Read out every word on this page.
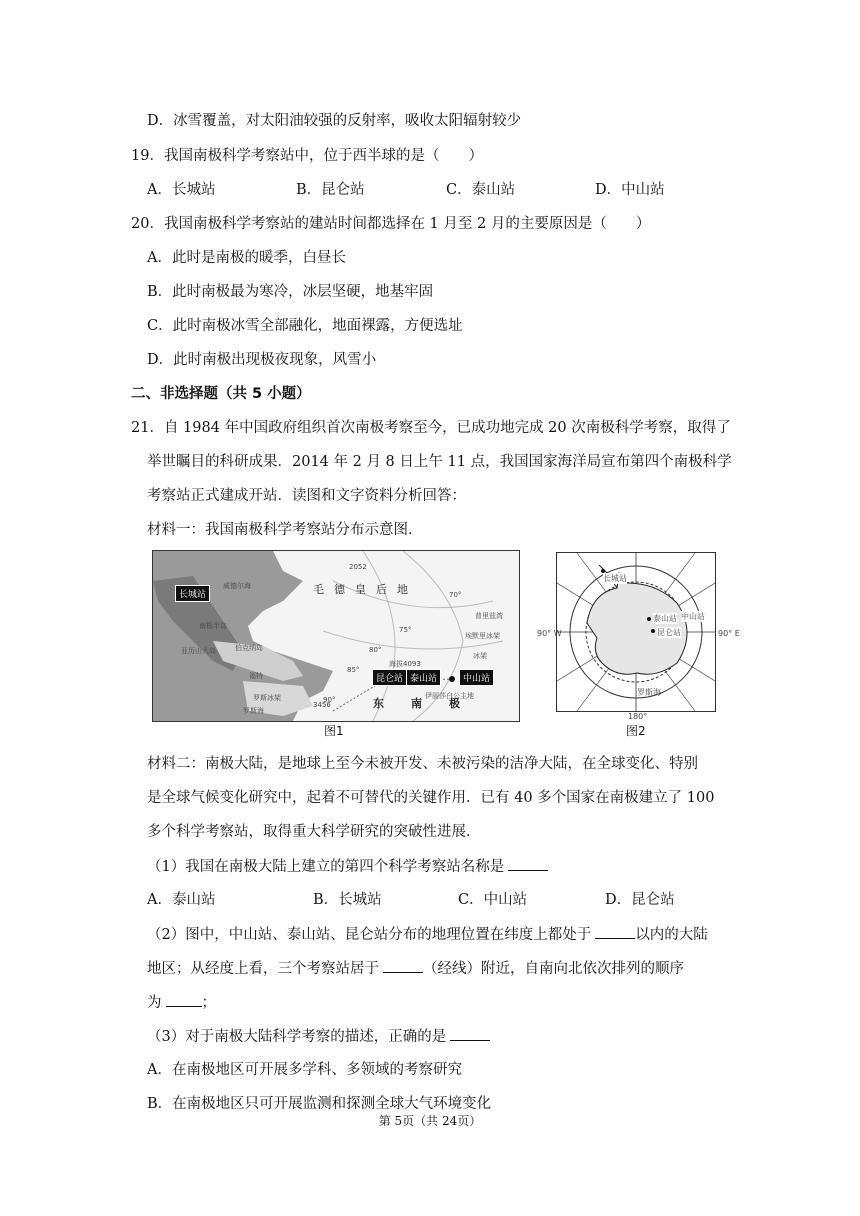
D．冰雪覆盖，对太阳油较强的反射率，吸收太阳辐射较少
19．我国南极科学考察站中，位于西半球的是（　　）
A．长城站	B．昆仑站	C．泰山站	D．中山站
20．我国南极科学考察站的建站时间都选择在 1 月至 2 月的主要原因是（　　）
A．此时是南极的暖季，白昼长
B．此时南极最为寒冷，冰层坚硬，地基牢固
C．此时南极冰雪全部融化，地面裸露，方便选址
D．此时南极出现极夜现象，风雪小
二、非选择题（共 5 小题）
21．自 1984 年中国政府组织首次南极考察至今，已成功地完成 20 次南极科学考察，取得了
举世瞩目的科研成果．2014 年 2 月 8 日上午 11 点，我国国家海洋局宣布第四个南极科学
考察站正式建成开站．读图和文字资料分析回答：
材料一：我国南极科学考察站分布示意图．
长城站
昆仑站 泰山站	中山站
毛德皇后地
东 南 极
南极半岛
威德尔海
伯克纳岛
罗斯冰架
70°
75°
80°
85°
90°
亚历山大岛
罗斯海
冰架
福特
普里兹湾
埃默里冰架
伊丽莎白公主地
海拔4093
2052
3456
图1
长城站
泰山站 中山站
昆仑站
罗斯海
90° W	90° E
180°
图2
材料二：南极大陆，是地球上至今未被开发、未被污染的洁净大陆，在全球变化、特别
是全球气候变化研究中，起着不可替代的关键作用．已有 40 多个国家在南极建立了 100
多个科学考察站，取得重大科学研究的突破性进展．
（1）我国在南极大陆上建立的第四个科学考察站名称是
A．泰山站	B．长城站	C．中山站	D．昆仑站
（2）图中，中山站、泰山站、昆仑站分布的地理位置在纬度上都处于	以内的大陆
地区；从经度上看，三个考察站居于	（经线）附近，自南向北依次排列的顺序
为	；
（3）对于南极大陆科学考察的描述，正确的是
A．在南极地区可开展多学科、多领域的考察研究
B．在南极地区只可开展监测和探测全球大气环境变化
第 5页（共 24页）
